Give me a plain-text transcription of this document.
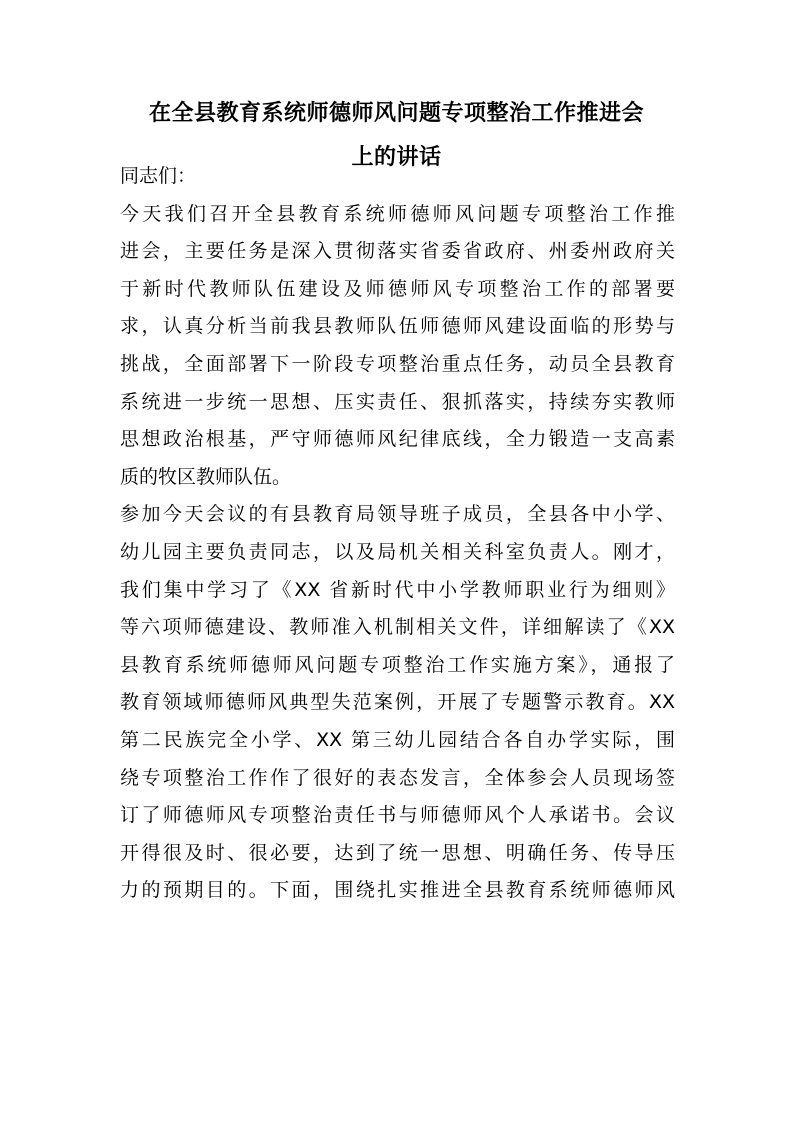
在全县教育系统师德师风问题专项整治工作推进会
上的讲话
同志们：
今天我们召开全县教育系统师德师风问题专项整治工作推
进会，主要任务是深入贯彻落实省委省政府、州委州政府关
于新时代教师队伍建设及师德师风专项整治工作的部署要
求，认真分析当前我县教师队伍师德师风建设面临的形势与
挑战，全面部署下一阶段专项整治重点任务，动员全县教育
系统进一步统一思想、压实责任、狠抓落实，持续夯实教师
思想政治根基，严守师德师风纪律底线，全力锻造一支高素
质的牧区教师队伍。
参加今天会议的有县教育局领导班子成员，全县各中小学、
幼儿园主要负责同志，以及局机关相关科室负责人。刚才，
我们集中学习了《XX 省新时代中小学教师职业行为细则》
等六项师德建设、教师准入机制相关文件，详细解读了《XX
县教育系统师德师风问题专项整治工作实施方案》，通报了
教育领域师德师风典型失范案例，开展了专题警示教育。XX
第二民族完全小学、XX 第三幼儿园结合各自办学实际，围
绕专项整治工作作了很好的表态发言，全体参会人员现场签
订了师德师风专项整治责任书与师德师风个人承诺书。会议
开得很及时、很必要，达到了统一思想、明确任务、传导压
力的预期目的。下面，围绕扎实推进全县教育系统师德师风
